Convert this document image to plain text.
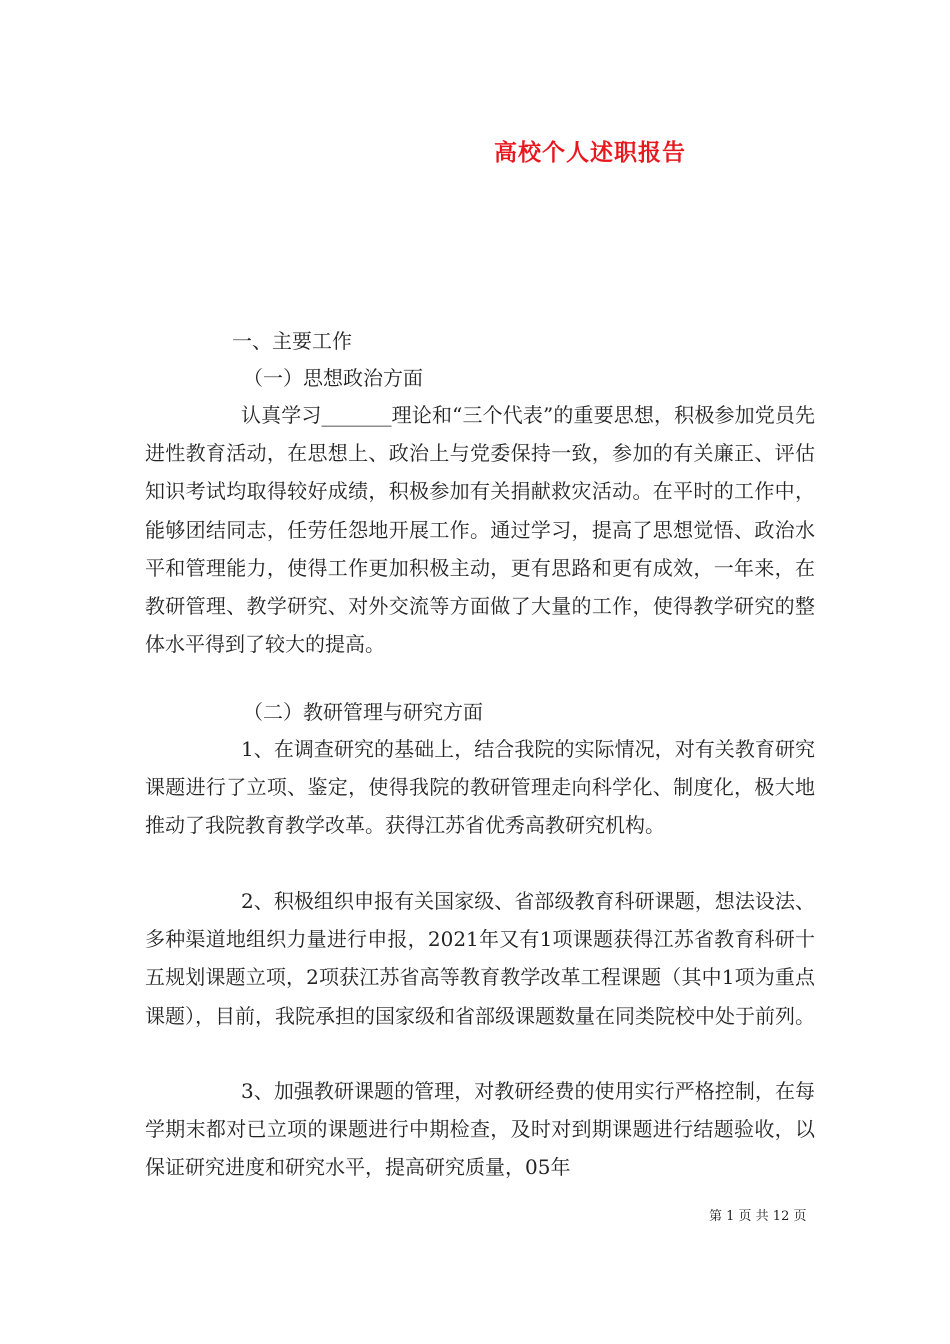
高校个人述职报告
一、主要工作
（一）思想政治方面
认真学习_______理论和“三个代表”的重要思想，积极参加党员先进性教育活动，在思想上、政治上与党委保持一致，参加的有关廉正、评估知识考试均取得较好成绩，积极参加有关捐献救灾活动。在平时的工作中，能够团结同志，任劳任怨地开展工作。通过学习，提高了思想觉悟、政治水平和管理能力，使得工作更加积极主动，更有思路和更有成效，一年来，在教研管理、教学研究、对外交流等方面做了大量的工作，使得教学研究的整体水平得到了较大的提高。
（二）教研管理与研究方面
1、在调查研究的基础上，结合我院的实际情况，对有关教育研究课题进行了立项、鉴定，使得我院的教研管理走向科学化、制度化，极大地推动了我院教育教学改革。获得江苏省优秀高教研究机构。
2、积极组织申报有关国家级、省部级教育科研课题，想法设法、多种渠道地组织力量进行申报，2021年又有1项课题获得江苏省教育科研十五规划课题立项，2项获江苏省高等教育教学改革工程课题（其中1项为重点课题），目前，我院承担的国家级和省部级课题数量在同类院校中处于前列。
3、加强教研课题的管理，对教研经费的使用实行严格控制，在每学期末都对已立项的课题进行中期检查，及时对到期课题进行结题验收，以保证研究进度和研究水平，提高研究质量，05年
第 1 页 共 12 页
